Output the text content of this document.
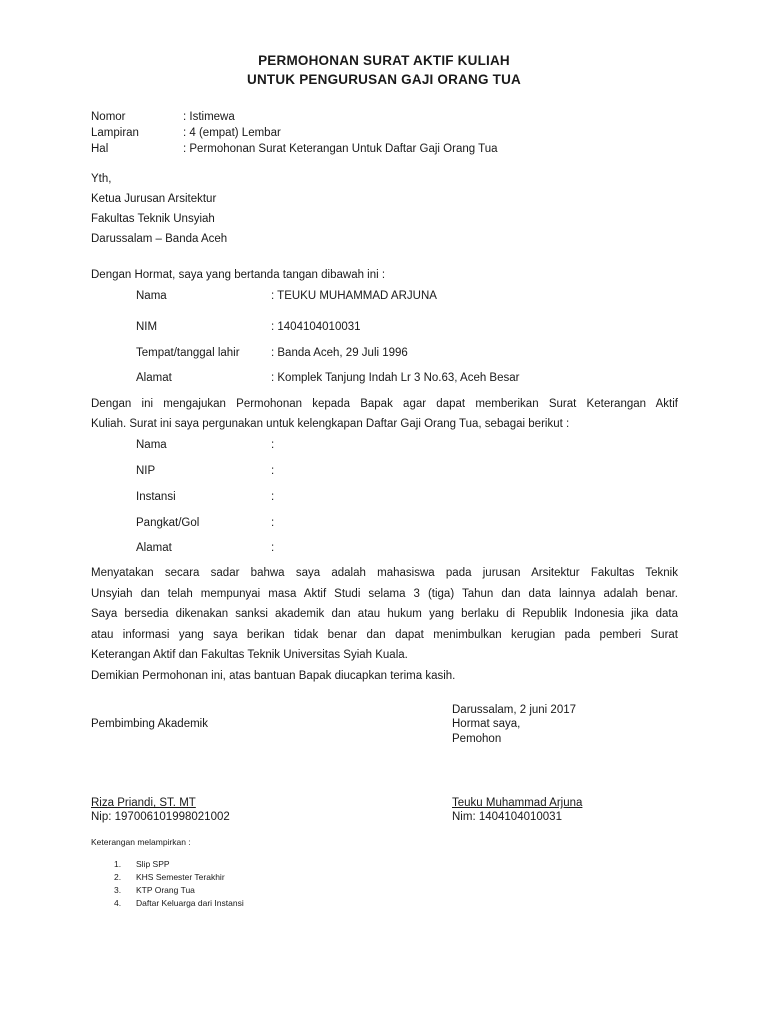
PERMOHONAN SURAT AKTIF KULIAH
UNTUK PENGURUSAN GAJI ORANG TUA
Nomor	: Istimewa
Lampiran	: 4 (empat) Lembar
Hal	: Permohonan Surat Keterangan Untuk Daftar Gaji Orang Tua
Yth,
Ketua Jurusan Arsitektur
Fakultas Teknik Unsyiah
Darussalam – Banda Aceh
Dengan Hormat, saya yang bertanda tangan dibawah ini :
Nama	: TEUKU MUHAMMAD ARJUNA
NIM	: 1404104010031
Tempat/tanggal lahir	: Banda Aceh, 29 Juli 1996
Alamat	: Komplek Tanjung Indah Lr 3 No.63, Aceh Besar
Dengan ini mengajukan Permohonan kepada Bapak agar dapat memberikan Surat Keterangan Aktif
Kuliah. Surat ini saya pergunakan untuk kelengkapan Daftar Gaji Orang Tua, sebagai berikut :
Nama	:
NIP	:
Instansi	:
Pangkat/Gol	:
Alamat	:
Menyatakan secara sadar bahwa saya adalah mahasiswa pada jurusan Arsitektur Fakultas Teknik
Unsyiah dan telah mempunyai masa Aktif Studi selama 3 (tiga) Tahun dan data lainnya adalah benar.
Saya bersedia dikenakan sanksi akademik dan atau hukum yang berlaku di Republik Indonesia jika data
atau informasi yang saya berikan tidak benar dan dapat menimbulkan kerugian pada pemberi Surat
Keterangan Aktif dan Fakultas Teknik Universitas Syiah Kuala.
Demikian Permohonan ini, atas bantuan Bapak diucapkan terima kasih.
Darussalam, 2 juni 2017
Hormat saya,
Pemohon
Pembimbing Akademik
Riza Priandi, ST. MT
Nip: 197006101998021002
Teuku Muhammad Arjuna
Nim: 1404104010031
Keterangan melampirkan :
1. Slip SPP
2. KHS Semester Terakhir
3. KTP Orang Tua
4. Daftar Keluarga dari Instansi
